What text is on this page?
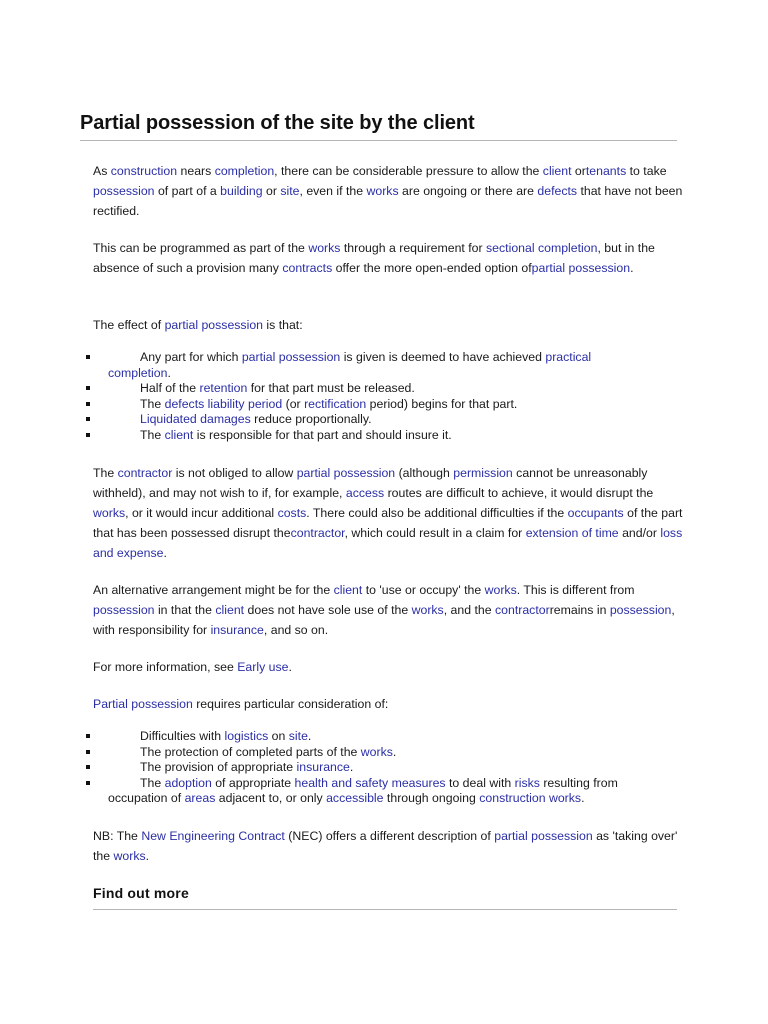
Partial possession of the site by the client

As construction nears completion, there can be considerable pressure to allow the client ortenants to take possession of part of a building or site, even if the works are ongoing or there are defects that have not been rectified.

This can be programmed as part of the works through a requirement for sectional completion, but in the absence of such a provision many contracts offer the more open-ended option ofpartial possession.

The effect of partial possession is that:

Any part for which partial possession is given is deemed to have achieved practical
completion.
Half of the retention for that part must be released.
The defects liability period (or rectification period) begins for that part.
Liquidated damages reduce proportionally.
The client is responsible for that part and should insure it.

The contractor is not obliged to allow partial possession (although permission cannot be unreasonably withheld), and may not wish to if, for example, access routes are difficult to achieve, it would disrupt the works, or it would incur additional costs. There could also be additional difficulties if the occupants of the part that has been possessed disrupt thecontractor, which could result in a claim for extension of time and/or loss and expense.

An alternative arrangement might be for the client to 'use or occupy' the works. This is different from possession in that the client does not have sole use of the works, and the contractorremains in possession, with responsibility for insurance, and so on.

For more information, see Early use.

Partial possession requires particular consideration of:

Difficulties with logistics on site.
The protection of completed parts of the works.
The provision of appropriate insurance.
The adoption of appropriate health and safety measures to deal with risks resulting from
occupation of areas adjacent to, or only accessible through ongoing construction works.

NB: The New Engineering Contract (NEC) offers a different description of partial possession as 'taking over' the works.

Find out more
